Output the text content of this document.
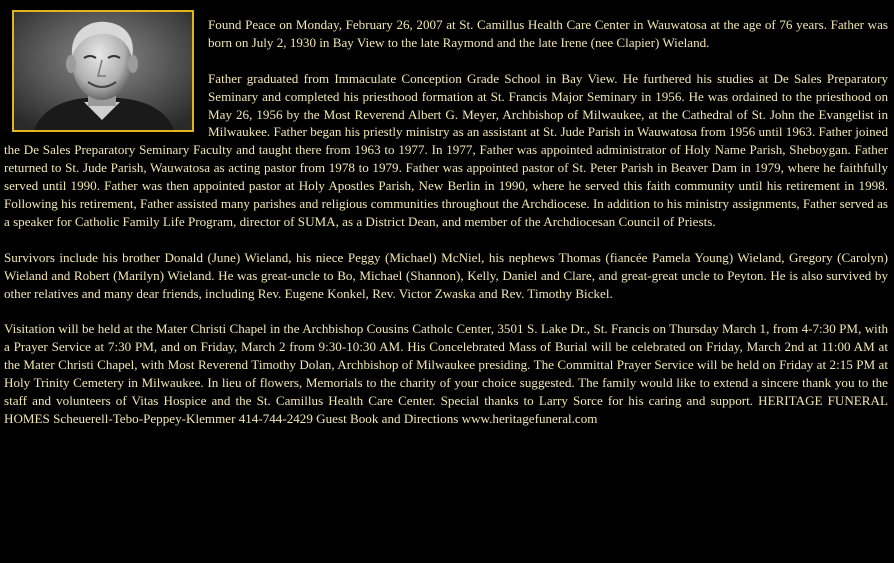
Found Peace on Monday, February 26, 2007 at St. Camillus Health Care Center in Wauwatosa at the age of 76 years. Father was born on July 2, 1930 in Bay View to the late Raymond and the late Irene (nee Clapier) Wieland.

Father graduated from Immaculate Conception Grade School in Bay View. He furthered his studies at De Sales Preparatory Seminary and completed his priesthood formation at St. Francis Major Seminary in 1956. He was ordained to the priesthood on May 26, 1956 by the Most Reverend Albert G. Meyer, Archbishop of Milwaukee, at the Cathedral of St. John the Evangelist in Milwaukee. Father began his priestly ministry as an assistant at St. Jude Parish in Wauwatosa from 1956 until 1963. Father joined the De Sales Preparatory Seminary Faculty and taught there from 1963 to 1977. In 1977, Father was appointed administrator of Holy Name Parish, Sheboygan. Father returned to St. Jude Parish, Wauwatosa as acting pastor from 1978 to 1979. Father was appointed pastor of St. Peter Parish in Beaver Dam in 1979, where he faithfully served until 1990. Father was then appointed pastor at Holy Apostles Parish, New Berlin in 1990, where he served this faith community until his retirement in 1998. Following his retirement, Father assisted many parishes and religious communities throughout the Archdiocese. In addition to his ministry assignments, Father served as a speaker for Catholic Family Life Program, director of SUMA, as a District Dean, and member of the Archdiocesan Council of Priests.

Survivors include his brother Donald (June) Wieland, his niece Peggy (Michael) McNiel, his nephews Thomas (fiancée Pamela Young) Wieland, Gregory (Carolyn) Wieland and Robert (Marilyn) Wieland. He was great-uncle to Bo, Michael (Shannon), Kelly, Daniel and Clare, and great-great uncle to Peyton. He is also survived by other relatives and many dear friends, including Rev. Eugene Konkel, Rev. Victor Zwaska and Rev. Timothy Bickel.

Visitation will be held at the Mater Christi Chapel in the Archbishop Cousins Catholc Center, 3501 S. Lake Dr., St. Francis on Thursday March 1, from 4-7:30 PM, with a Prayer Service at 7:30 PM, and on Friday, March 2 from 9:30-10:30 AM. His Concelebrated Mass of Burial will be celebrated on Friday, March 2nd at 11:00 AM at the Mater Christi Chapel, with Most Reverend Timothy Dolan, Archbishop of Milwaukee presiding. The Committal Prayer Service will be held on Friday at 2:15 PM at Holy Trinity Cemetery in Milwaukee. In lieu of flowers, Memorials to the charity of your choice suggested. The family would like to extend a sincere thank you to the staff and volunteers of Vitas Hospice and the St. Camillus Health Care Center. Special thanks to Larry Sorce for his caring and support. HERITAGE FUNERAL HOMES Scheuerell-Tebo-Peppey-Klemmer 414-744-2429 Guest Book and Directions www.heritagefuneral.com
